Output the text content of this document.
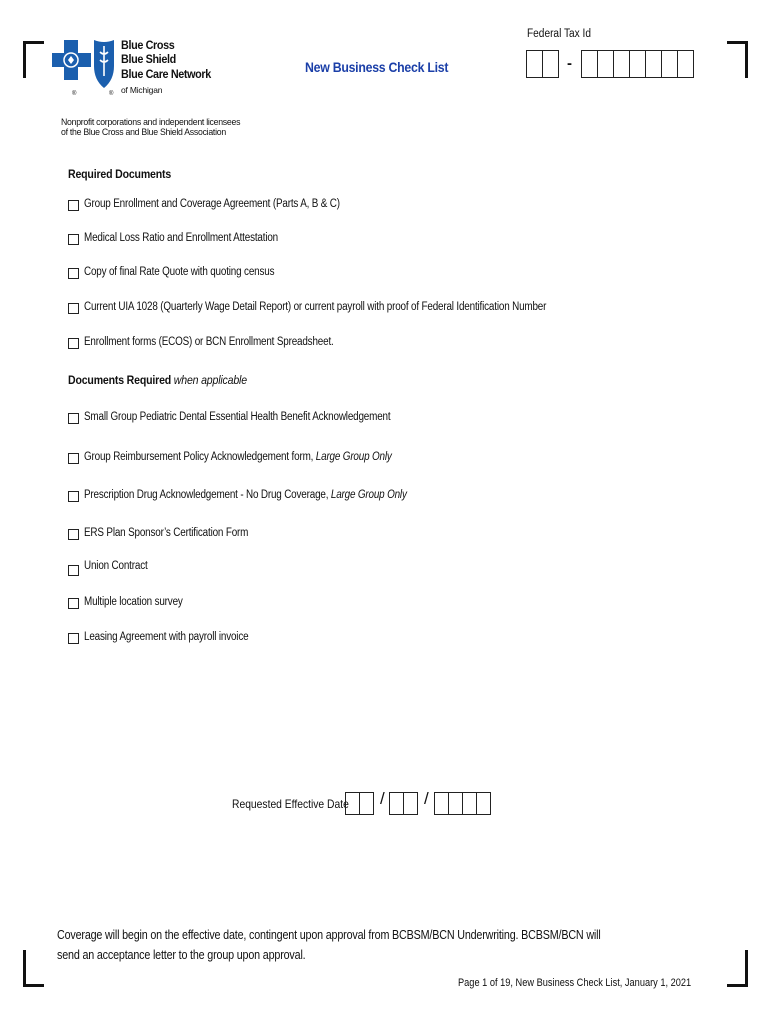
®	®
Blue Cross
Blue Shield
Blue Care Network
of Michigan
Nonprofit corporations and independent licensees
of the Blue Cross and Blue Shield Association
New Business Check List
Federal Tax Id
-
Required Documents
Group Enrollment and Coverage Agreement (Parts A, B & C)
Medical Loss Ratio and Enrollment Attestation
Copy of final Rate Quote with quoting census
Current UIA 1028 (Quarterly Wage Detail Report) or current payroll with proof of Federal Identification Number
Enrollment forms (ECOS) or BCN Enrollment Spreadsheet.
Documents Required when applicable
Small Group Pediatric Dental Essential Health Benefit Acknowledgement
Group Reimbursement Policy Acknowledgement form, Large Group Only
Prescription Drug Acknowledgement - No Drug Coverage, Large Group Only
ERS Plan Sponsor’s Certification Form
Union Contract
Multiple location survey
Leasing Agreement with payroll invoice
Requested Effective Date / /
Coverage will begin on the effective date, contingent upon approval from BCBSM/BCN Underwriting. BCBSM/BCN will send an acceptance letter to the group upon approval.
Page 1 of 19, New Business Check List, January 1, 2021
